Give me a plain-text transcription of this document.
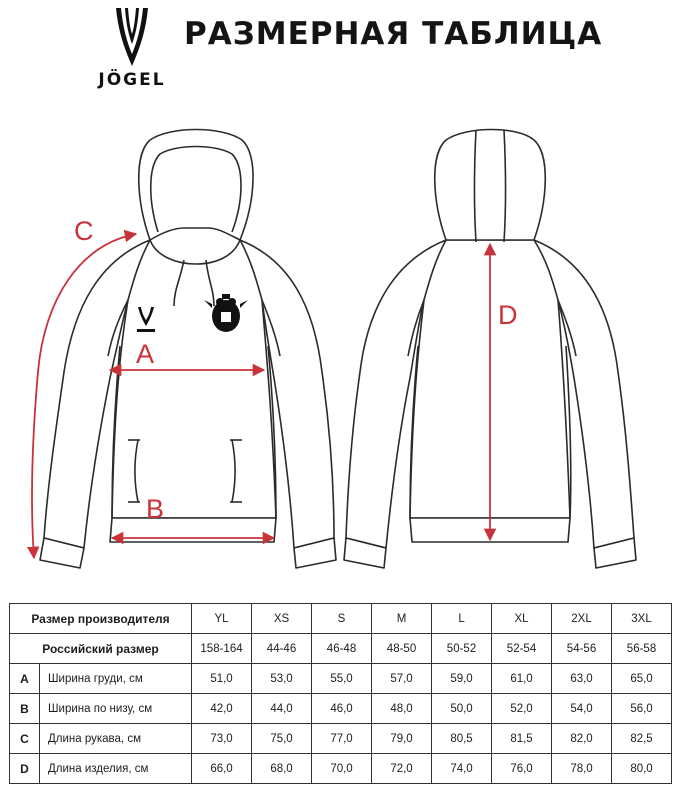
JÖGEL
РАЗМЕРНАЯ ТАБЛИЦА
C
A
B
D
Размер производителя		YL	XS	S	M	L	XL	2XL	3XL
Российский размер		158-164	44-46	46-48	48-50	50-52	52-54	54-56	56-58
A	Ширина груди, см	51,0	53,0	55,0	57,0	59,0	61,0	63,0	65,0
B	Ширина по низу, см	42,0	44,0	46,0	48,0	50,0	52,0	54,0	56,0
C	Длина рукава, см	73,0	75,0	77,0	79,0	80,5	81,5	82,0	82,5
D	Длина изделия, см	66,0	68,0	70,0	72,0	74,0	76,0	78,0	80,0
